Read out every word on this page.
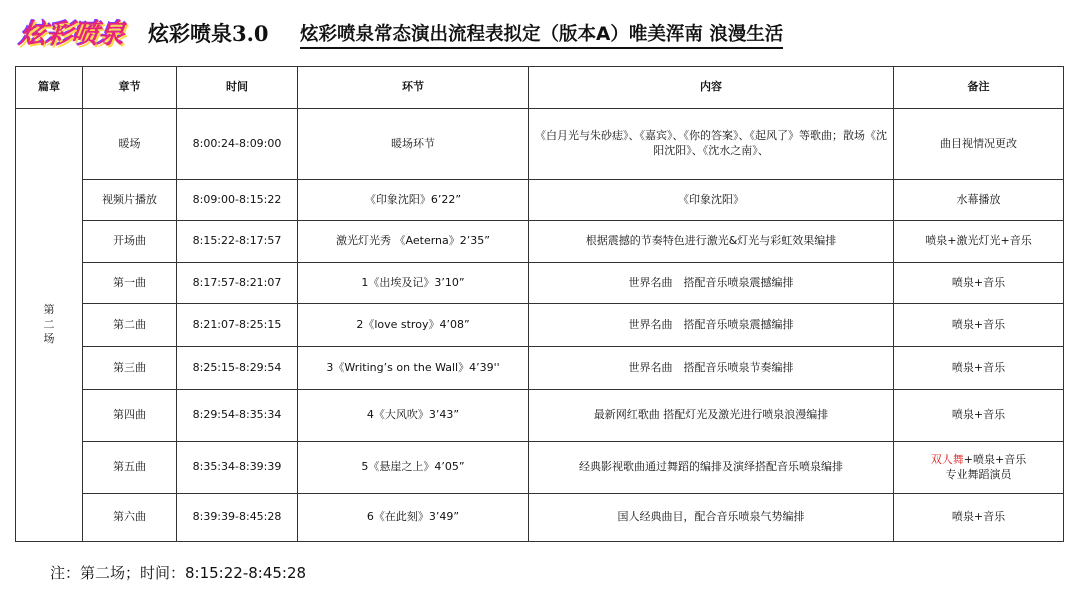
炫彩喷泉 炫彩喷泉3.0 炫彩喷泉常态演出流程表拟定（版本A）唯美浑南 浪漫生活
篇章	章节	时间	环节	内容	备注

第
二
场	暖场	8:00:24-8:09:00	暖场环节	《白月光与朱砂痣》、《嘉宾》、《你的答案》、《起风了》等歌曲；散场《沈阳沈阳》、《沈水之南》、	曲目视情况更改
	视频片播放	8:09:00-8:15:22	《印象沈阳》6’22”	《印象沈阳》	水幕播放
	开场曲	8:15:22-8:17:57	激光灯光秀 《Aeterna》2’35”	根据震撼的节奏特色进行激光&灯光与彩虹效果编排	喷泉+激光灯光+音乐
	第一曲	8:17:57-8:21:07	1《出埃及记》3’10”	世界名曲　搭配音乐喷泉震撼编排	喷泉+音乐
	第二曲	8:21:07-8:25:15	2《love stroy》4’08”	世界名曲　搭配音乐喷泉震撼编排	喷泉+音乐
	第三曲	8:25:15-8:29:54	3《Writing’s on the Wall》4’39''	世界名曲　搭配音乐喷泉节奏编排	喷泉+音乐
	第四曲	8:29:54-8:35:34	4《大风吹》3’43”	最新网红歌曲 搭配灯光及激光进行喷泉浪漫编排	喷泉+音乐
	第五曲	8:35:34-8:39:39	5《悬崖之上》4’05”	经典影视歌曲通过舞蹈的编排及演绎搭配音乐喷泉编排	双人舞+喷泉+音乐
专业舞蹈演员
	第六曲	8:39:39-8:45:28	6《在此刻》3’49”	国人经典曲目，配合音乐喷泉气势编排	喷泉+音乐
注：第二场；时间：8:15:22-8:45:28
